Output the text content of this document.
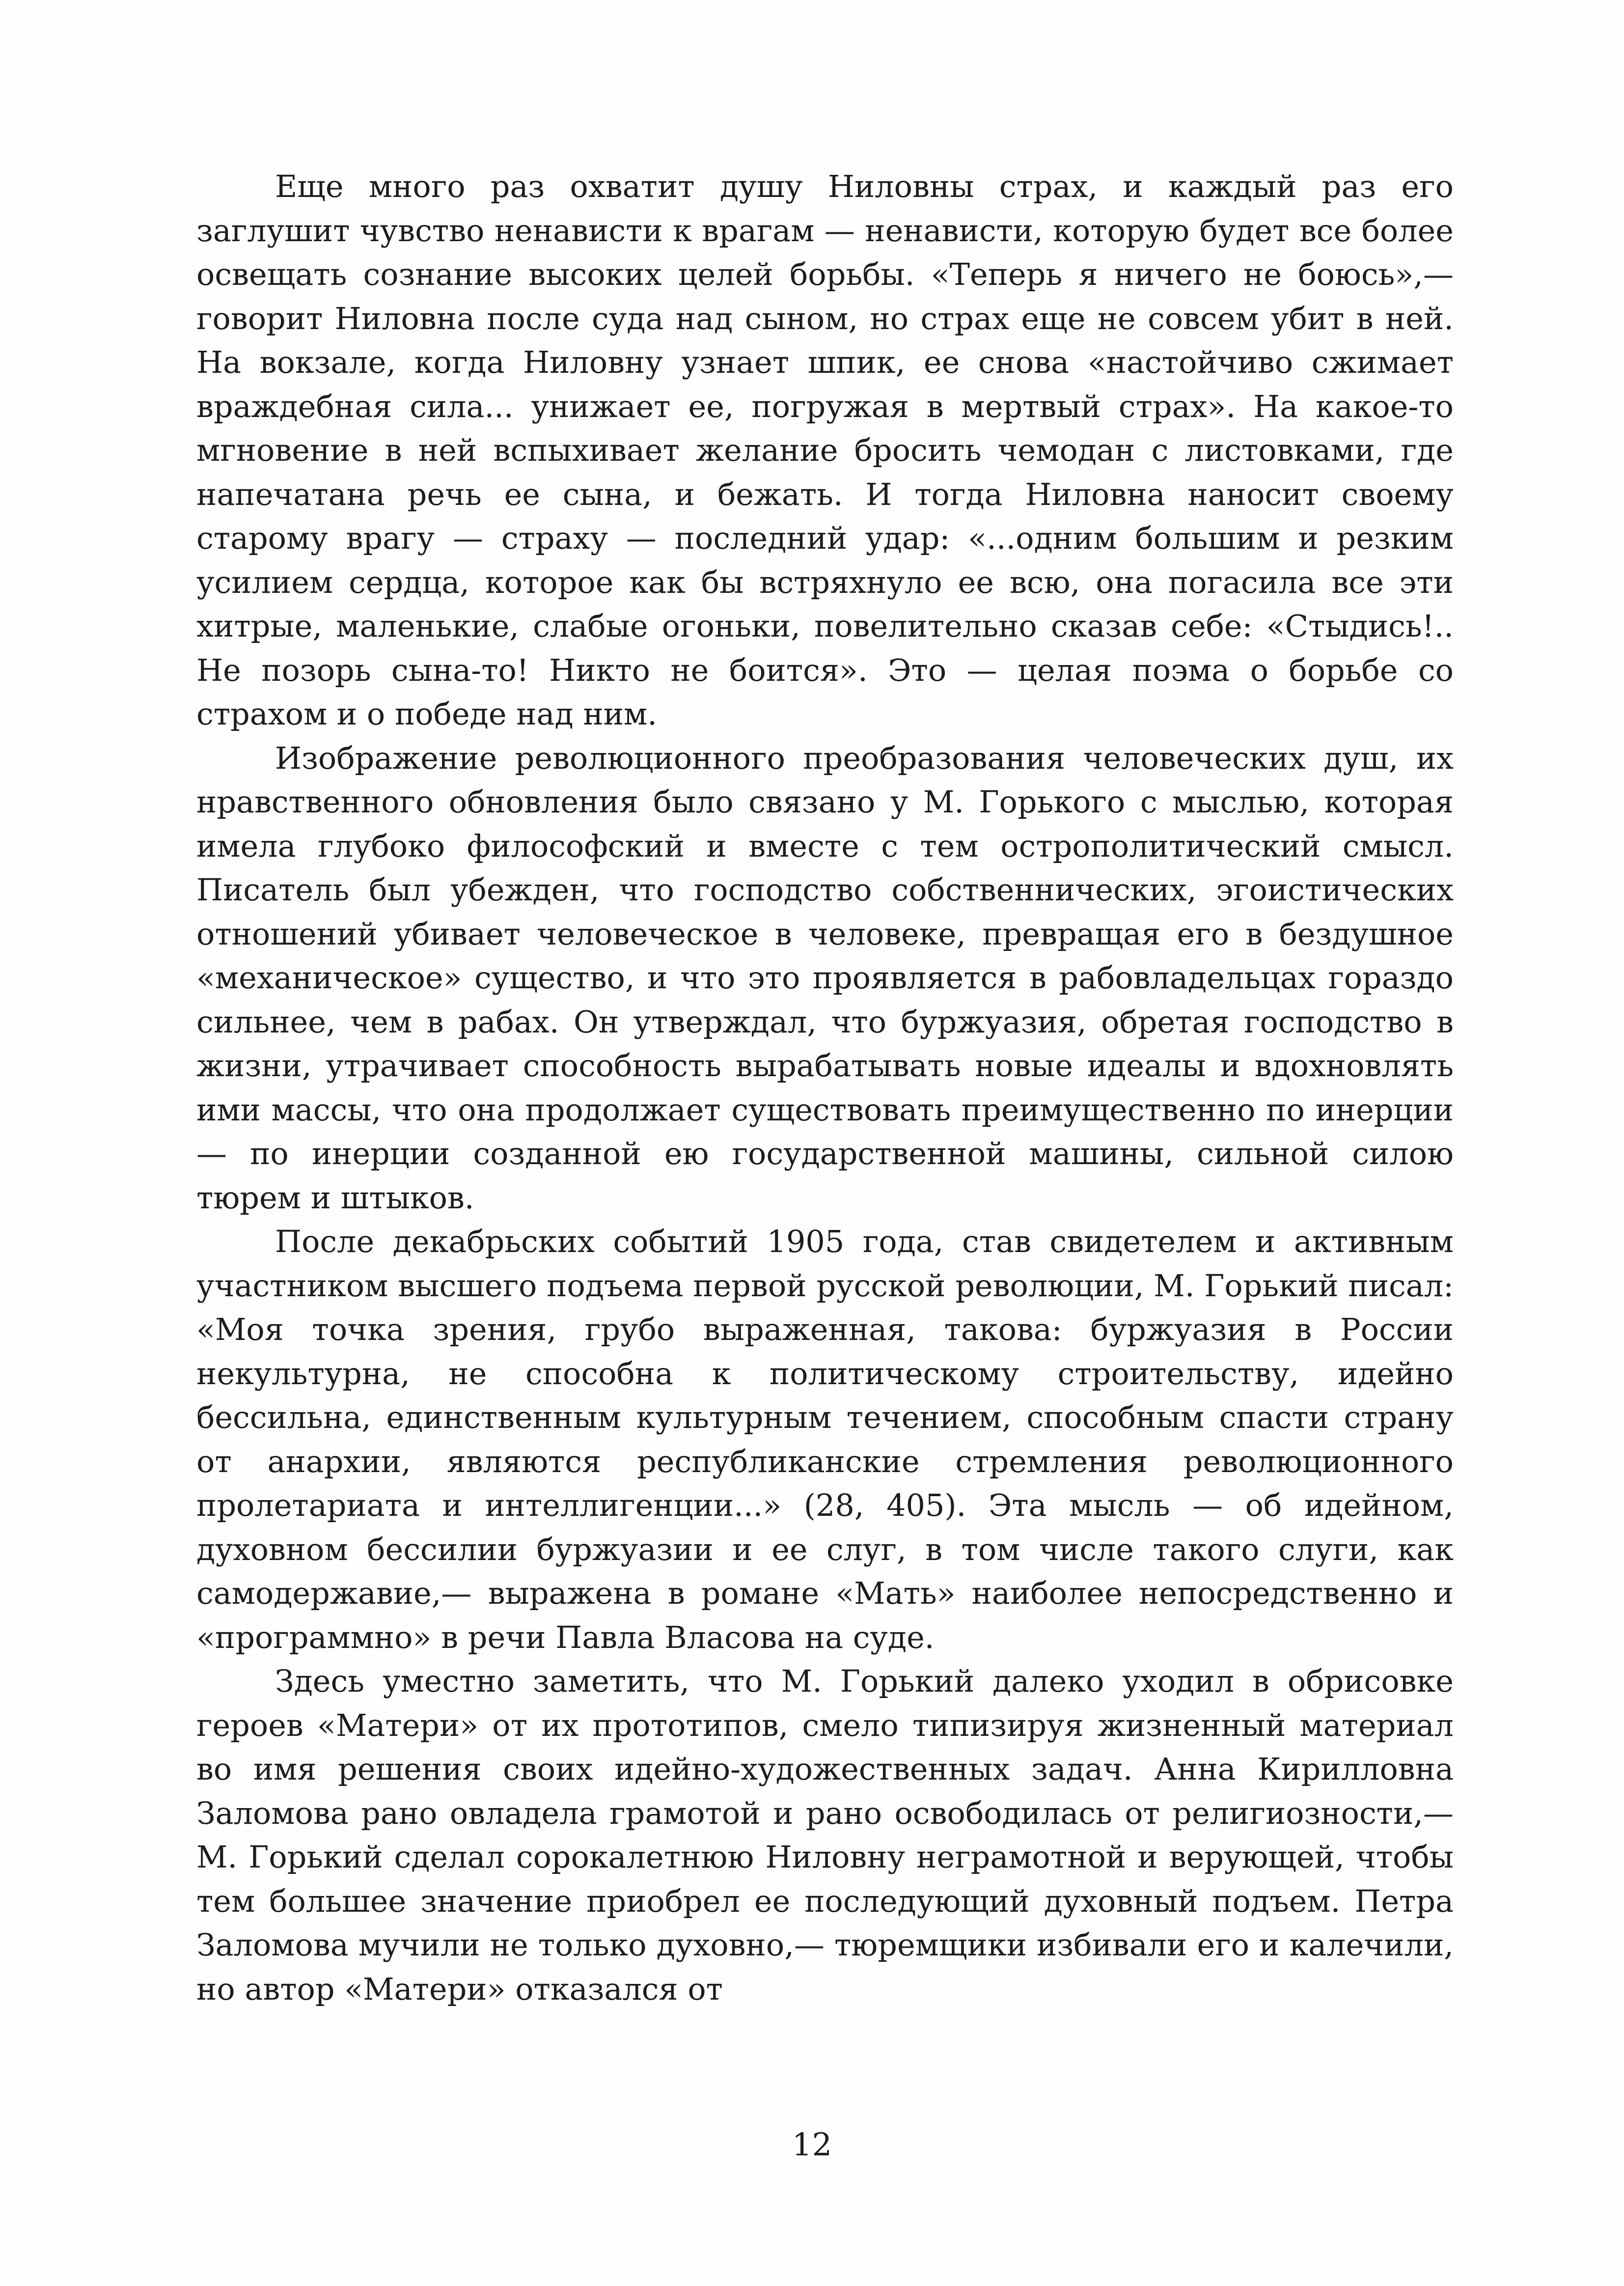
Еще много раз охватит душу Ниловны страх, и каждый раз его заглушит чувство ненависти к врагам — ненависти, которую будет все более освещать сознание высоких целей борьбы. «Теперь я ничего не боюсь»,— говорит Ниловна после суда над сыном, но страх еще не совсем убит в ней. На вокзале, когда Ниловну узнает шпик, ее снова «настойчиво сжимает враждебная сила... унижает ее, погружая в мертвый страх». На какое-то мгновение в ней вспыхивает желание бросить чемодан с листовками, где напечатана речь ее сына, и бежать. И тогда Ниловна наносит своему старому врагу — страху — последний удар: «...одним большим и резким усилием сердца, которое как бы встряхнуло ее всю, она погасила все эти хитрые, маленькие, слабые огоньки, повелительно сказав себе: «Стыдись!.. Не позорь сына-то! Никто не боится». Это — целая поэма о борьбе со страхом и о победе над ним.

Изображение революционного преобразования человеческих душ, их нравственного обновления было связано у М. Горького с мыслью, которая имела глубоко философский и вместе с тем острополитический смысл. Писатель был убежден, что господство собственнических, эгоистических отношений убивает человеческое в человеке, превращая его в бездушное «механическое» существо, и что это проявляется в рабовладельцах гораздо сильнее, чем в рабах. Он утверждал, что буржуазия, обретая господство в жизни, утрачивает способность вырабатывать новые идеалы и вдохновлять ими массы, что она продолжает существовать преимущественно по инерции — по инерции созданной ею государственной машины, сильной силою тюрем и штыков.

После декабрьских событий 1905 года, став свидетелем и активным участником высшего подъема первой русской революции, М. Горький писал: «Моя точка зрения, грубо выраженная, такова: буржуазия в России некультурна, не способна к политическому строительству, идейно бессильна, единственным культурным течением, способным спасти страну от анархии, являются республиканские стремления революционного пролетариата и интеллигенции...» (28, 405). Эта мысль — об идейном, духовном бессилии буржуазии и ее слуг, в том числе такого слуги, как самодержавие,— выражена в романе «Мать» наиболее непосредственно и «программно» в речи Павла Власова на суде.

Здесь уместно заметить, что М. Горький далеко уходил в обрисовке героев «Матери» от их прототипов, смело типизируя жизненный материал во имя решения своих идейно-художественных задач. Анна Кирилловна Заломова рано овладела грамотой и рано освободилась от религиозности,— М. Горький сделал сорокалетнюю Ниловну неграмотной и верующей, чтобы тем большее значение приобрел ее последующий духовный подъем. Петра Заломова мучили не только духовно,— тюремщики избивали его и калечили, но автор «Матери» отказался от

12
